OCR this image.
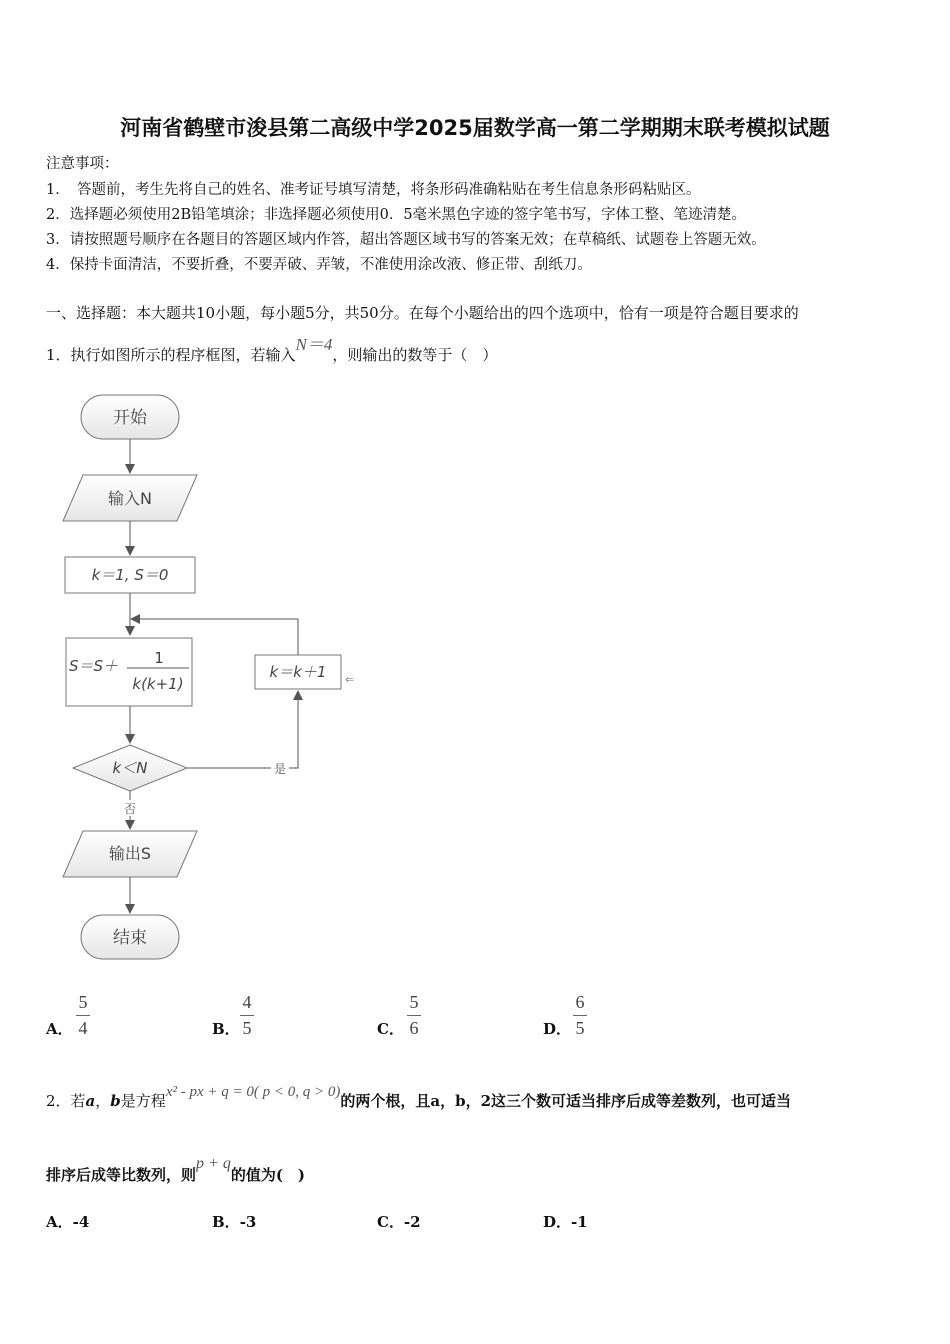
河南省鹤壁市浚县第二高级中学2025届数学高一第二学期期末联考模拟试题
注意事项：
1．　答题前，考生先将自己的姓名、准考证号填写清楚，将条形码准确粘贴在考生信息条形码粘贴区。
2．选择题必须使用2B铅笔填涂；非选择题必须使用0．5毫米黑色字迹的签字笔书写，字体工整、笔迹清楚。
3．请按照题号顺序在各题目的答题区域内作答，超出答题区域书写的答案无效；在草稿纸、试题卷上答题无效。
4．保持卡面清洁，不要折叠，不要弄破、弄皱，不准使用涂改液、修正带、刮纸刀。
一、选择题：本大题共10小题，每小题5分，共50分。在每个小题给出的四个选项中，恰有一项是符合题目要求的
1．执行如图所示的程序框图，若输入N＝4，则输出的数等于（　）
开始
输入N
k＝1, S＝0
S＝S＋ 1
k(k+1)
k＝k＋1 ⇐
k＜N	是
否
输出S
结束
A．
5
4	B．
4
5	C．
5
6	D．
6
5
2．若a，b是方程x² - px + q = 0( p < 0, q > 0)的两个根，且a，b，2这三个数可适当排序后成等差数列，也可适当
排序后成等比数列，则p + q的值为(　)
A．-4	B．-3	C．-2	D．-1
